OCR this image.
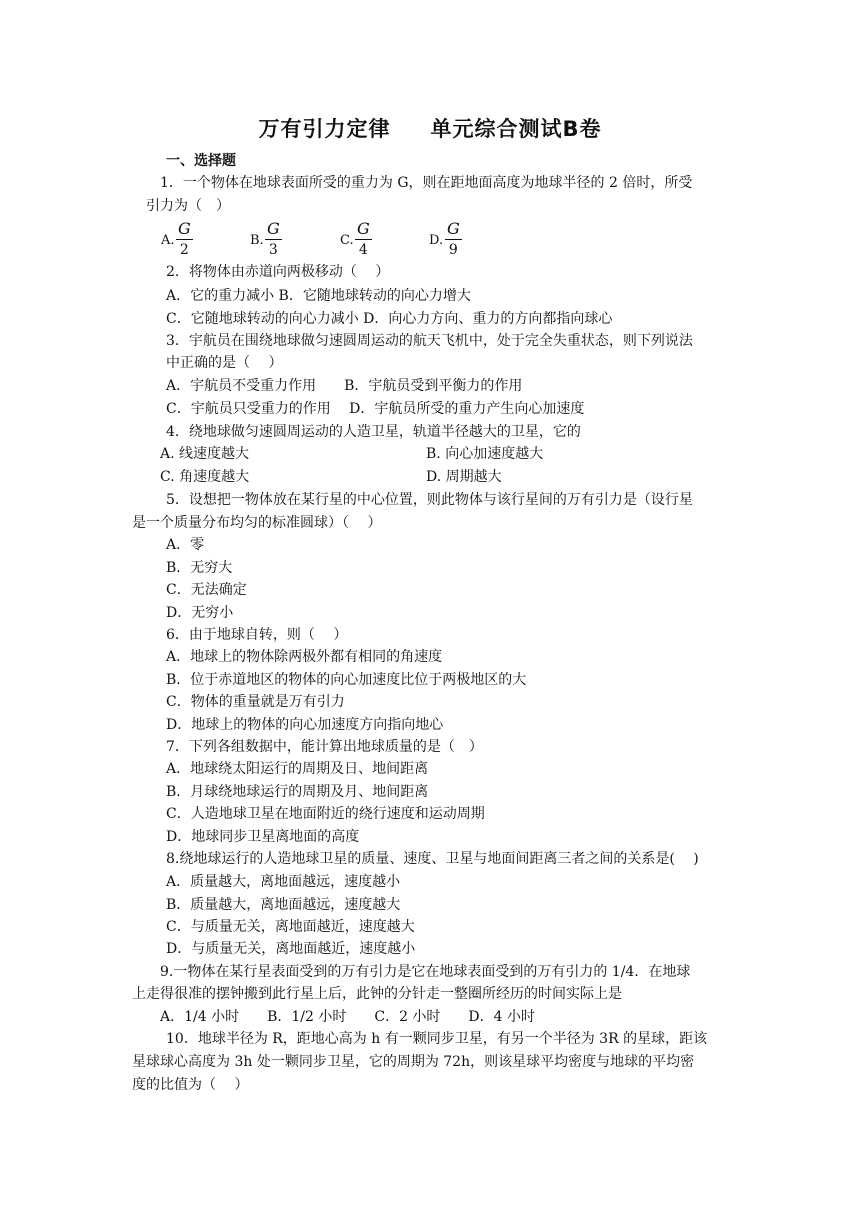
万有引力定律 单元综合测试B卷
一、选择题
1．一个物体在地球表面所受的重力为 G，则在距地面高度为地球半径的 2 倍时，所受
引力为（　）
A.
G
2
B.
G
3
C.
G
4
D.
G
9
2．将物体由赤道向两极移动（　 ）
A．它的重力减小 B．它随地球转动的向心力增大
C．它随地球转动的向心力减小 D．向心力方向、重力的方向都指向球心
3．宇航员在围绕地球做匀速圆周运动的航天飞机中，处于完全失重状态，则下列说法
中正确的是（　 ）
A．宇航员不受重力作用　　B．宇航员受到平衡力的作用
C．宇航员只受重力的作用　 D．宇航员所受的重力产生向心加速度
4．绕地球做匀速圆周运动的人造卫星，轨道半径越大的卫星，它的
A. 线速度越大	B. 向心加速度越大
C. 角速度越大	D. 周期越大
5．设想把一物体放在某行星的中心位置，则此物体与该行星间的万有引力是（设行星
是一个质量分布均匀的标准圆球）（　 ）
A．零
B．无穷大
C．无法确定
D．无穷小
6．由于地球自转，则（　 ）
A．地球上的物体除两极外都有相同的角速度
B．位于赤道地区的物体的向心加速度比位于两极地区的大
C．物体的重量就是万有引力
D．地球上的物体的向心加速度方向指向地心
7．下列各组数据中，能计算出地球质量的是（　）
A．地球绕太阳运行的周期及日、地间距离
B．月球绕地球运行的周期及月、地间距离
C．人造地球卫星在地面附近的绕行速度和运动周期
D．地球同步卫星离地面的高度
8.绕地球运行的人造地球卫星的质量、速度、卫星与地面间距离三者之间的关系是(　 )
A．质量越大，离地面越远，速度越小
B．质量越大，离地面越远，速度越大
C．与质量无关，离地面越近，速度越大
D．与质量无关，离地面越近，速度越小
9.一物体在某行星表面受到的万有引力是它在地球表面受到的万有引力的 1/4．在地球
上走得很准的摆钟搬到此行星上后，此钟的分针走一整圈所经历的时间实际上是
A．1/4 小时　　B．1/2 小时　　C．2 小时　　D．4 小时
10．地球半径为 R，距地心高为 h 有一颗同步卫星，有另一个半径为 3R 的星球，距该
星球球心高度为 3h 处一颗同步卫星，它的周期为 72h，则该星球平均密度与地球的平均密
度的比值为（　 ）
